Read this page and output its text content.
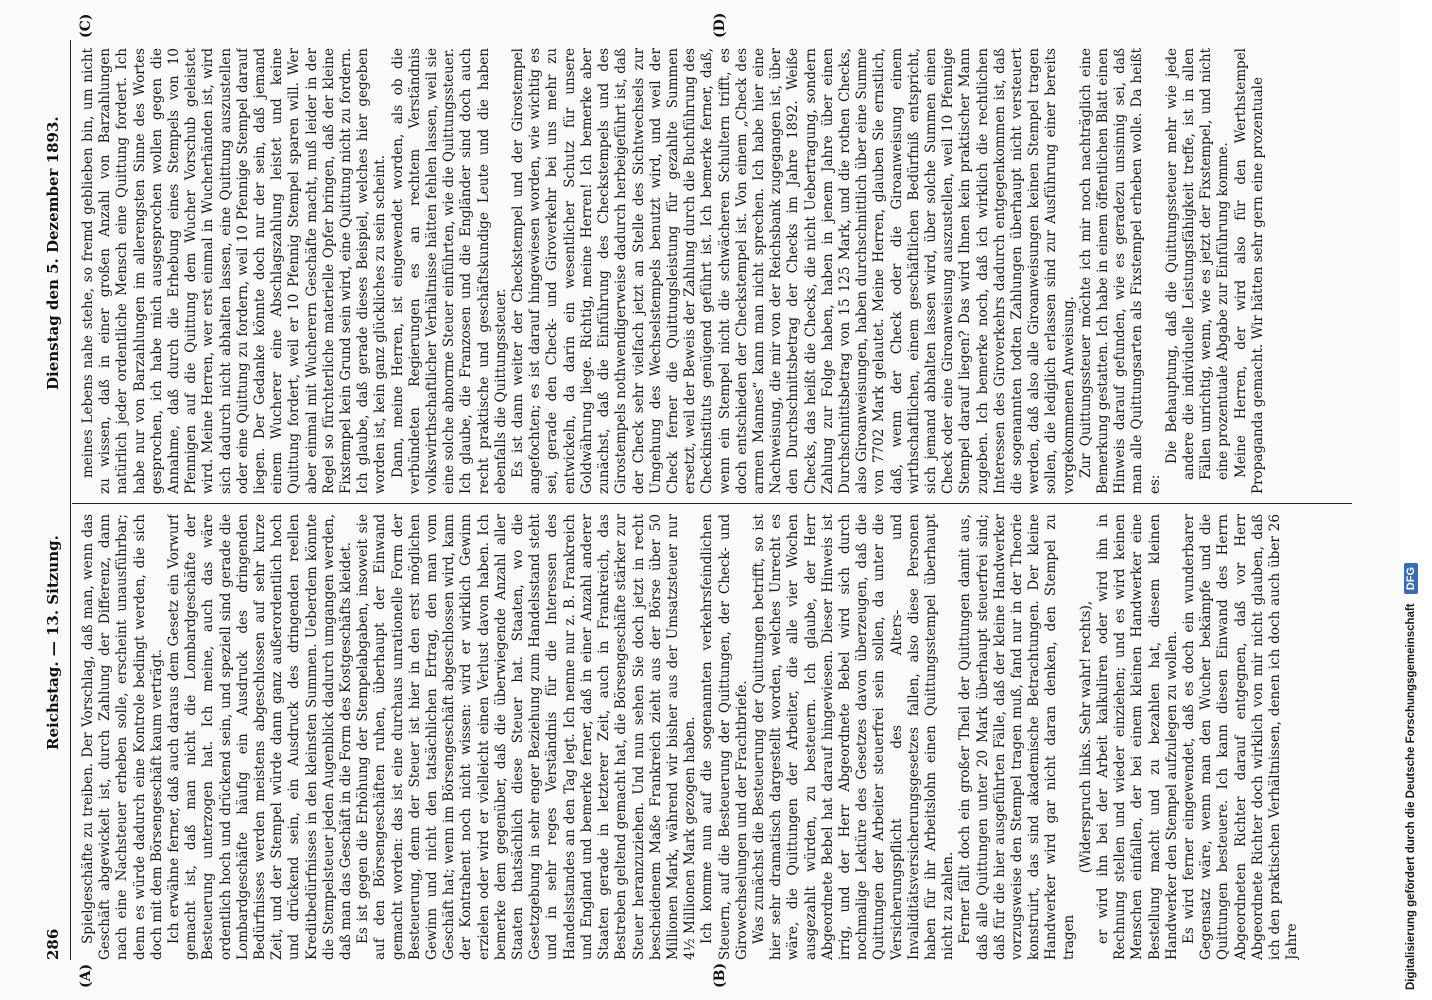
286
Reichstag. — 13. Sitzung.
Dienstag den 5. Dezember 1893.
(A)	(B)
(C)	(D)

Spielgeschäfte zu treiben. Der Vorschlag, daß man, wenn das Geschäft abgewickelt ist, durch Zahlung der Differenz, dann nach eine Nachsteuer erheben solle, erscheint unausführbar; denn es würde dadurch eine Kontrole bedingt werden, die sich doch mit dem Börsengeschäft kaum verträgt. Ich erwähne ferner, daß auch daraus dem Gesetz ein Vorwurf gemacht ist, daß man nicht die Lombardgeschäfte der Besteuerung unterzogen hat. Ich meine, auch das wäre ordentlich hoch und drückend sein, und speziell sind gerade die Lombardgeschäfte häufig ein Ausdruck des dringenden Bedürfnisses werden meistens abgeschlossen auf sehr kurze Zeit, und der Stempel würde dann ganz außerordentlich hoch und drückend sein, ein Ausdruck des dringenden reellen Kreditbedürfnisses in den kleinsten Summen. Ueberdem könnte die Stempelsteuer jeden Augenblick dadurch umgangen werden, daß man das Geschäft in die Form des Kostgeschäfts kleidet. Es ist gegen die Erhöhung der Stempelabgaben, insoweit sie auf den Börsengeschäften ruhen, überhaupt der Einwand gemacht worden: das ist eine durchaus unrationelle Form der Besteuerung, denn der Steuer ist hier in den erst möglichen Gewinn und nicht den tatsächlichen Ertrag, den man vom Geschäft hat; wenn im Börsengeschäft abgeschlossen wird, kann der Kontrahent noch nicht wissen: wird er wirklich Gewinn erzielen oder wird er vielleicht einen Verlust davon haben. Ich bemerke dem gegenüber, daß die überwiegende Anzahl aller Staaten thatsächlich diese Steuer hat. Staaten, wo die Gesetzgebung in sehr enger Beziehung zum Handelsstand steht und in sehr reges Verständnis für die Interessen des Handelsstandes an den Tag legt. Ich nenne nur z. B. Frankreich und England und bemerke ferner, daß in einer Anzahl anderer Staaten gerade in letzterer Zeit, auch in Frankreich, das Bestreben geltend gemacht hat, die Börsengeschäfte stärker zur Steuer heranzuziehen. Und nun sehen Sie doch jetzt in recht bescheidenem Maße Frankreich zieht aus der Börse über 50 Millionen Mark, während wir bisher aus der Umsatzsteuer nur 4½ Millionen Mark gezogen haben. Ich komme nun auf die sogenannten verkehrsfeindlichen Steuern, auf die Besteuerung der Quittungen, der Check- und Girowechselungen und der Frachtbriefe. Was zunächst die Besteuerung der Quittungen betrifft, so ist hier sehr dramatisch dargestellt worden, welches Unrecht es wäre, die Quittungen der Arbeiter, die alle vier Wochen ausgezahlt würden, zu besteuern. Ich glaube, der Herr Abgeordnete Bebel hat darauf hingewiesen. Dieser Hinweis ist irrig, und der Herr Abgeordnete Bebel wird sich durch nochmalige Lektüre des Gesetzes davon überzeugen, daß die Quittungen der Arbeiter steuerfrei sein sollen, da unter die Versicherungspflicht des Alters- und Invaliditätsversicherungsgesetzes fallen, also diese Personen haben für ihr Arbeitslohn einen Quittungsstempel überhaupt nicht zu zahlen. Ferner fällt doch ein großer Theil der Quittungen damit aus, daß alle Quittungen unter 20 Mark überhaupt steuerfrei sind; daß für die hier ausgeführten Fälle, daß der kleine Handwerker vorzugsweise den Stempel tragen muß, fand nur in der Theorie konstruirt, das sind akademische Betrachtungen. Der kleine Handwerker wird gar nicht daran denken, den Stempel zu tragen

(Widerspruch links. Sehr wahr! rechts), er wird ihn bei der Arbeit kalkuliren oder wird ihn in Rechnung stellen und wieder einziehen; und es wird keinen Menschen einfallen, der bei einem kleinen Handwerker eine Bestellung macht und zu bezahlen hat, diesem kleinen Handwerker den Stempel aufzulegen zu wollen. Es wird ferner eingewendet, daß es doch ein wunderbarer Gegensatz wäre, wenn man den Wucher bekämpfe und die Quittungen besteuere. Ich kann diesen Einwand des Herrn Abgeordneten Richter darauf entgegnen, daß vor Herr Abgeordnete Richter doch wirklich von mir nicht glauben, daß ich den praktischen Verhältnissen, denen ich doch auch über 26 Jahre

meines Lebens nahe stehe, so fremd geblieben bin, um nicht zu wissen, daß in einer großen Anzahl von Barzahlungen natürlich jeder ordentliche Mensch eine Quittung fordert. Ich habe nur von Barzahlungen im allerengsten Sinne des Wortes gesprochen, ich habe mich ausgesprochen wollen gegen die Annahme, daß durch die Erhebung eines Stempels von 10 Pfennigen auf die Quittung dem Wucher Vorschub geleistet wird. Meine Herren, wer erst einmal in Wucherhänden ist, wird sich dadurch nicht abhalten lassen, eine Quittung auszustellen oder eine Quittung zu fordern, weil 10 Pfennige Stempel darauf liegen. Der Gedanke könnte doch nur der sein, daß jemand einem Wucherer eine Abschlagszahlung leistet und keine Quittung fordert, weil er 10 Pfennig Stempel sparen will. Wer aber einmal mit Wucherern Geschäfte macht, muß leider in der Regel so fürchterliche materielle Opfer bringen, daß der kleine Fixstempel kein Grund sein wird, eine Quittung nicht zu fordern. Ich glaube, daß gerade dieses Beispiel, welches hier gegeben worden ist, kein ganz glückliches zu sein scheint. Dann, meine Herren, ist eingewendet worden, als ob die verbündeten Regierungen es an rechtem Verständnis volkswirthschaftlicher Verhältnisse hätten fehlen lassen, weil sie eine solche abnorme Steuer einführten, wie die Quittungssteuer. Ich glaube, die Franzosen und die Engländer sind doch auch recht praktische und geschäftskundige Leute und die haben ebenfalls die Quittungssteuer. Es ist dann weiter der Checkstempel und der Girostempel angefochten; es ist darauf hingewiesen worden, wie wichtig es sei, gerade den Check- und Giroverkehr bei uns mehr zu entwickeln, da darin ein wesentlicher Schutz für unsere Goldwährung liege. Richtig, meine Herren! Ich bemerke aber zunächst, daß die Einführung des Checkstempels und des Girostempels nothwendigerweise dadurch herbeigeführt ist, daß der Check sehr vielfach jetzt an Stelle des Sichtwechsels zur Umgehung des Wechselstempels benutzt wird, und weil der Check ferner die Quittungsleistung für gezahlte Summen ersetzt, weil der Beweis der Zahlung durch die Buchführung des Checkinstituts genügend geführt ist. Ich bemerke ferner, daß, wenn ein Stempel nicht die schwächeren Schultern trifft, es doch entschieden der Checkstempel ist. Von einem „Check des armen Mannes“ kann man nicht sprechen. Ich habe hier eine Nachweisung, die mir von der Reichsbank zugegangen ist, über den Durchschnittsbetrag der Checks im Jahre 1892. Weiße Checks, das heißt die Checks, die nicht Uebertragung, sondern Zahlung zur Folge haben, haben in jenem Jahre über einen Durchschnittsbetrag von 15 125 Mark, und die rothen Checks, also Giroanweisungen, haben durchschnittlich über eine Summe von 7702 Mark gelautet. Meine Herren, glauben Sie ernstlich, daß, wenn der Check oder die Giroanweisung einem wirthschaftlichen, einem geschäftlichen Bedürfniß entspricht, sich jemand abhalten lassen wird, über solche Summen einen Check oder eine Giroanweisung auszustellen, weil 10 Pfennige Stempel darauf liegen? Das wird Ihnen kein praktischer Mann zugeben. Ich bemerke noch, daß ich wirklich die rechtlichen Interessen des Giroverkehrs dadurch entgegenkommen ist, daß die sogenannten todten Zahlungen überhaupt nicht versteuert werden, daß also alle Giroanweisungen keinen Stempel tragen sollen, die lediglich erlassen sind zur Ausführung einer bereits vorgekommenen Anweisung. Zur Quittungssteuer möchte ich mir noch nachträglich eine Bemerkung gestatten. Ich habe in einem öffentlichen Blatt einen Hinweis darauf gefunden, wie es geradezu unsinnig sei, daß man alle Quittungsarten als Fixstempel erheben wolle. Da heißt es:

Die Behauptung, daß die Quittungssteuer mehr wie jede andere die individuelle Leistungsfähigkeit treffe, ist in allen Fällen unrichtig, wenn, wie es jetzt der Fixstempel, und nicht eine prozentuale Abgabe zur Einführung komme. Meine Herren, der wird also für den Werthstempel Propaganda gemacht. Wir hätten sehr gern eine prozentuale

Digitalisierung gefördert durch die Deutsche Forschungsgemeinschaft DFG
